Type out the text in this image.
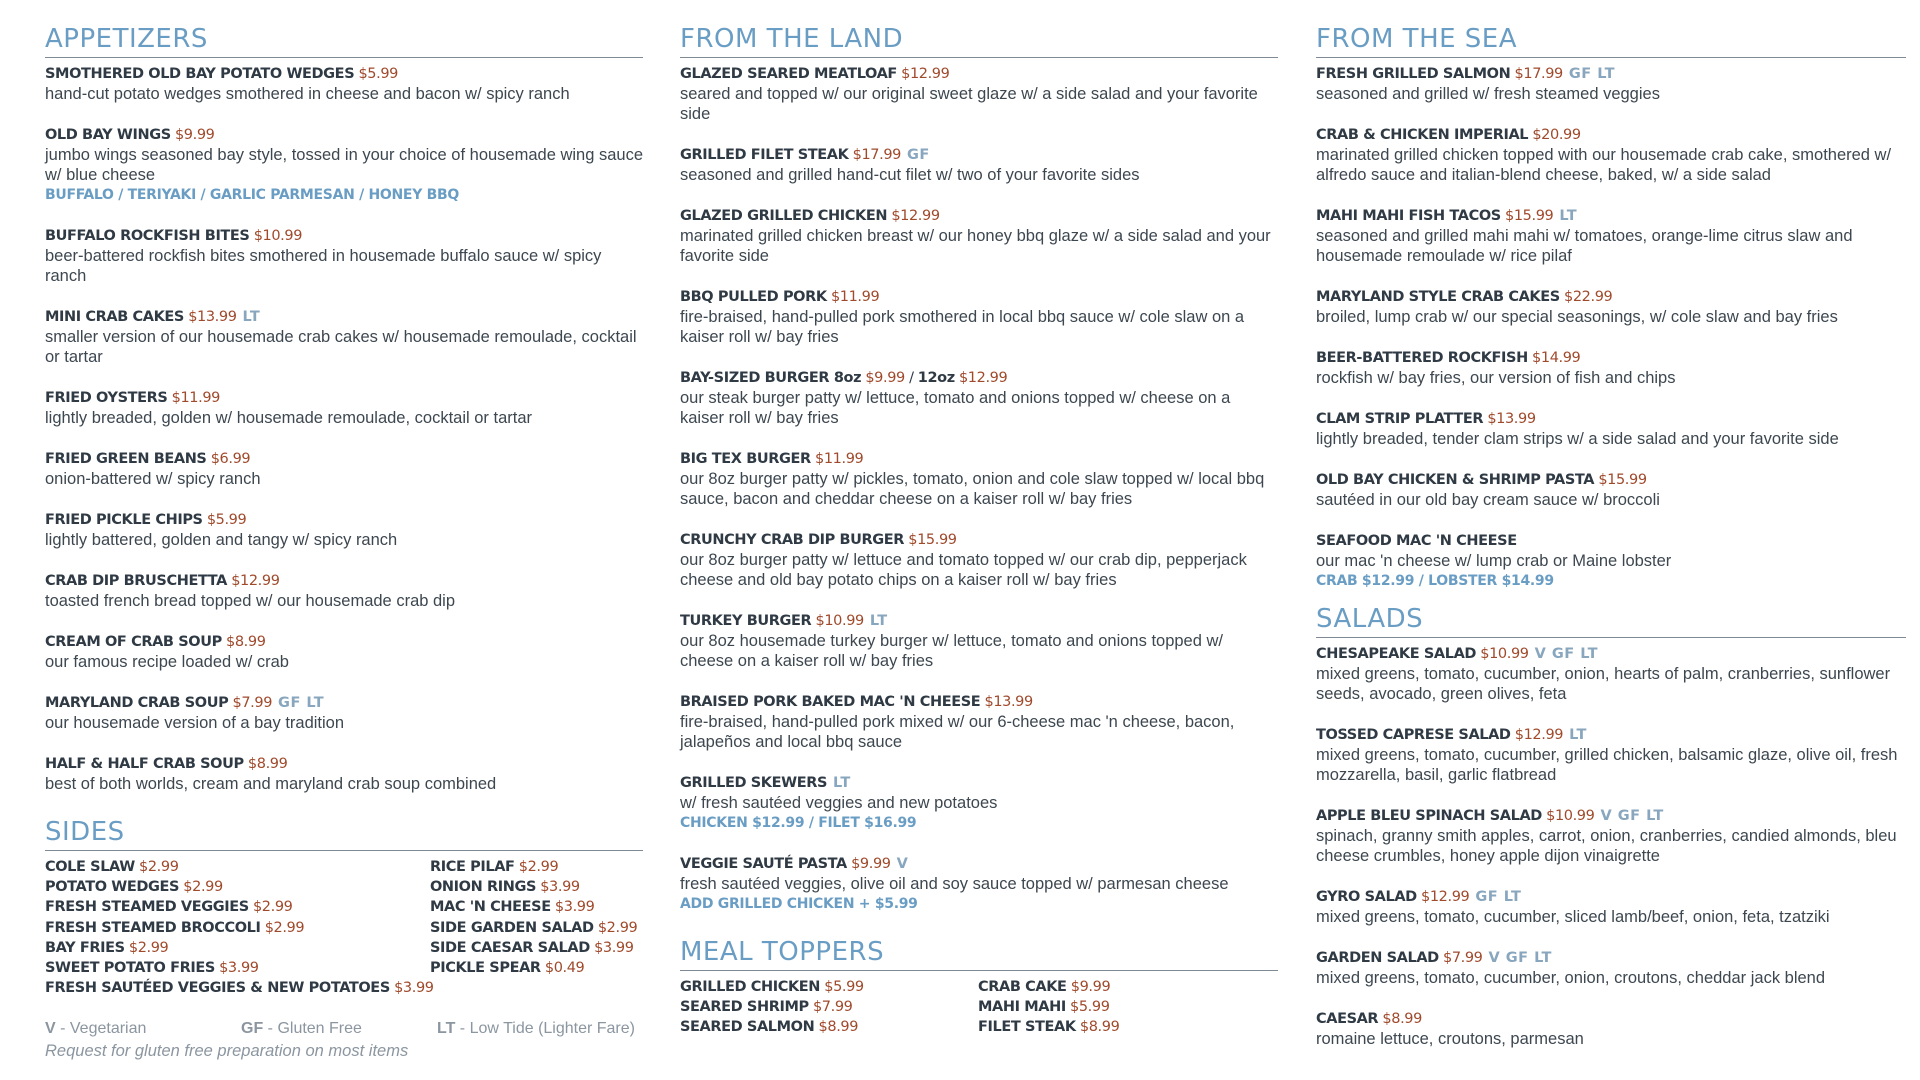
APPETIZERS
SMOTHERED OLD BAY POTATO WEDGES $5.99
hand-cut potato wedges smothered in cheese and bacon w/ spicy ranch
OLD BAY WINGS $9.99
jumbo wings seasoned bay style, tossed in your choice of housemade wing sauce w/ blue cheese
BUFFALO / TERIYAKI / GARLIC PARMESAN / HONEY BBQ
BUFFALO ROCKFISH BITES $10.99
beer-battered rockfish bites smothered in housemade buffalo sauce w/ spicy ranch
MINI CRAB CAKES $13.99 LT
smaller version of our housemade crab cakes w/ housemade remoulade, cocktail or tartar
FRIED OYSTERS $11.99
lightly breaded, golden w/ housemade remoulade, cocktail or tartar
FRIED GREEN BEANS $6.99
onion-battered w/ spicy ranch
FRIED PICKLE CHIPS $5.99
lightly battered, golden and tangy w/ spicy ranch
CRAB DIP BRUSCHETTA $12.99
toasted french bread topped w/ our housemade crab dip
CREAM OF CRAB SOUP $8.99
our famous recipe loaded w/ crab
MARYLAND CRAB SOUP $7.99 GF LT
our housemade version of a bay tradition
HALF & HALF CRAB SOUP $8.99
best of both worlds, cream and maryland crab soup combined
SIDES
COLE SLAW $2.99
POTATO WEDGES $2.99
FRESH STEAMED VEGGIES $2.99
FRESH STEAMED BROCCOLI $2.99
BAY FRIES $2.99
SWEET POTATO FRIES $3.99
FRESH SAUTÉED VEGGIES & NEW POTATOES $3.99
RICE PILAF $2.99
ONION RINGS $3.99
MAC 'N CHEESE $3.99
SIDE GARDEN SALAD $2.99
SIDE CAESAR SALAD $3.99
PICKLE SPEAR $0.49
V - Vegetarian	GF - Gluten Free	LT - Low Tide (Lighter Fare)
Request for gluten free preparation on most items
FROM THE LAND
GLAZED SEARED MEATLOAF $12.99
seared and topped w/ our original sweet glaze w/ a side salad and your favorite side
GRILLED FILET STEAK $17.99 GF
seasoned and grilled hand-cut filet w/ two of your favorite sides
GLAZED GRILLED CHICKEN $12.99
marinated grilled chicken breast w/ our honey bbq glaze w/ a side salad and your favorite side
BBQ PULLED PORK $11.99
fire-braised, hand-pulled pork smothered in local bbq sauce w/ cole slaw on a kaiser roll w/ bay fries
BAY-SIZED BURGER 8oz $9.99 / 12oz $12.99
our steak burger patty w/ lettuce, tomato and onions topped w/ cheese on a kaiser roll w/ bay fries
BIG TEX BURGER $11.99
our 8oz burger patty w/ pickles, tomato, onion and cole slaw topped w/ local bbq sauce, bacon and cheddar cheese on a kaiser roll w/ bay fries
CRUNCHY CRAB DIP BURGER $15.99
our 8oz burger patty w/ lettuce and tomato topped w/ our crab dip, pepperjack cheese and old bay potato chips on a kaiser roll w/ bay fries
TURKEY BURGER $10.99 LT
our 8oz housemade turkey burger w/ lettuce, tomato and onions topped w/ cheese on a kaiser roll w/ bay fries
BRAISED PORK BAKED MAC 'N CHEESE $13.99
fire-braised, hand-pulled pork mixed w/ our 6-cheese mac 'n cheese, bacon, jalapeños and local bbq sauce
GRILLED SKEWERS LT
w/ fresh sautéed veggies and new potatoes
CHICKEN $12.99 / FILET $16.99
VEGGIE SAUTÉ PASTA $9.99 V
fresh sautéed veggies, olive oil and soy sauce topped w/ parmesan cheese
ADD GRILLED CHICKEN + $5.99
MEAL TOPPERS
GRILLED CHICKEN $5.99
SEARED SHRIMP $7.99
SEARED SALMON $8.99
CRAB CAKE $9.99
MAHI MAHI $5.99
FILET STEAK $8.99
FROM THE SEA
FRESH GRILLED SALMON $17.99 GF LT
seasoned and grilled w/ fresh steamed veggies
CRAB & CHICKEN IMPERIAL $20.99
marinated grilled chicken topped with our housemade crab cake, smothered w/ alfredo sauce and italian-blend cheese, baked, w/ a side salad
MAHI MAHI FISH TACOS $15.99 LT
seasoned and grilled mahi mahi w/ tomatoes, orange-lime citrus slaw and housemade remoulade w/ rice pilaf
MARYLAND STYLE CRAB CAKES $22.99
broiled, lump crab w/ our special seasonings, w/ cole slaw and bay fries
BEER-BATTERED ROCKFISH $14.99
rockfish w/ bay fries, our version of fish and chips
CLAM STRIP PLATTER $13.99
lightly breaded, tender clam strips w/ a side salad and your favorite side
OLD BAY CHICKEN & SHRIMP PASTA $15.99
sautéed in our old bay cream sauce w/ broccoli
SEAFOOD MAC 'N CHEESE
our mac 'n cheese w/ lump crab or Maine lobster
CRAB $12.99 / LOBSTER $14.99
SALADS
CHESAPEAKE SALAD $10.99 V GF LT
mixed greens, tomato, cucumber, onion, hearts of palm, cranberries, sunflower seeds, avocado, green olives, feta
TOSSED CAPRESE SALAD $12.99 LT
mixed greens, tomato, cucumber, grilled chicken, balsamic glaze, olive oil, fresh mozzarella, basil, garlic flatbread
APPLE BLEU SPINACH SALAD $10.99 V GF LT
spinach, granny smith apples, carrot, onion, cranberries, candied almonds, bleu cheese crumbles, honey apple dijon vinaigrette
GYRO SALAD $12.99 GF LT
mixed greens, tomato, cucumber, sliced lamb/beef, onion, feta, tzatziki
GARDEN SALAD $7.99 V GF LT
mixed greens, tomato, cucumber, onion, croutons, cheddar jack blend
CAESAR $8.99
romaine lettuce, croutons, parmesan
